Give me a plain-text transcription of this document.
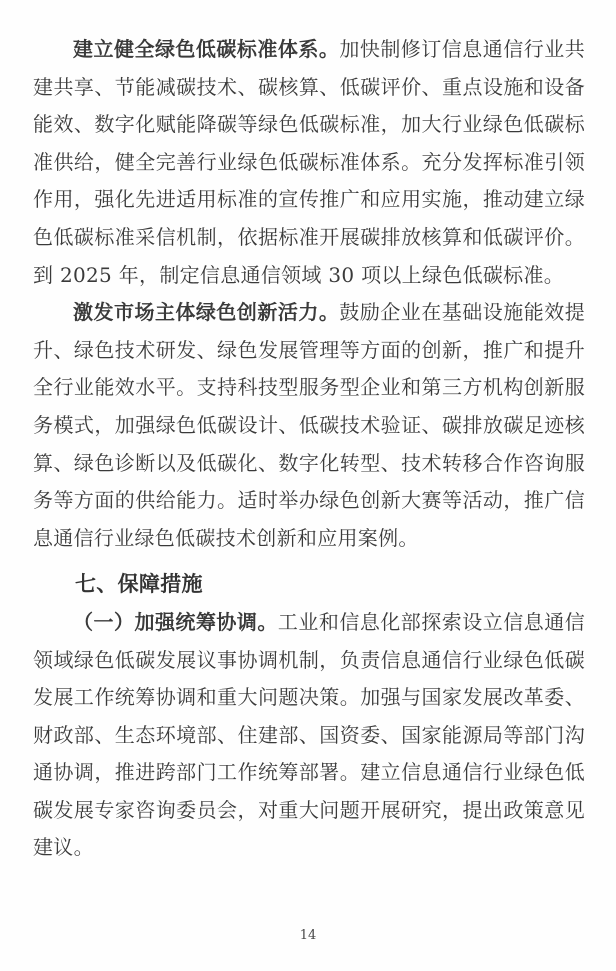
建立健全绿色低碳标准体系。加快制修订信息通信行业共建共享、节能减碳技术、碳核算、低碳评价、重点设施和设备能效、数字化赋能降碳等绿色低碳标准，加大行业绿色低碳标准供给，健全完善行业绿色低碳标准体系。充分发挥标准引领作用，强化先进适用标准的宣传推广和应用实施，推动建立绿色低碳标准采信机制，依据标准开展碳排放核算和低碳评价。到 2025 年，制定信息通信领域 30 项以上绿色低碳标准。

激发市场主体绿色创新活力。鼓励企业在基础设施能效提升、绿色技术研发、绿色发展管理等方面的创新，推广和提升全行业能效水平。支持科技型服务型企业和第三方机构创新服务模式，加强绿色低碳设计、低碳技术验证、碳排放碳足迹核算、绿色诊断以及低碳化、数字化转型、技术转移合作咨询服务等方面的供给能力。适时举办绿色创新大赛等活动，推广信息通信行业绿色低碳技术创新和应用案例。

七、保障措施

（一）加强统筹协调。工业和信息化部探索设立信息通信领域绿色低碳发展议事协调机制，负责信息通信行业绿色低碳发展工作统筹协调和重大问题决策。加强与国家发展改革委、财政部、生态环境部、住建部、国资委、国家能源局等部门沟通协调，推进跨部门工作统筹部署。建立信息通信行业绿色低碳发展专家咨询委员会，对重大问题开展研究，提出政策意见建议。

14
